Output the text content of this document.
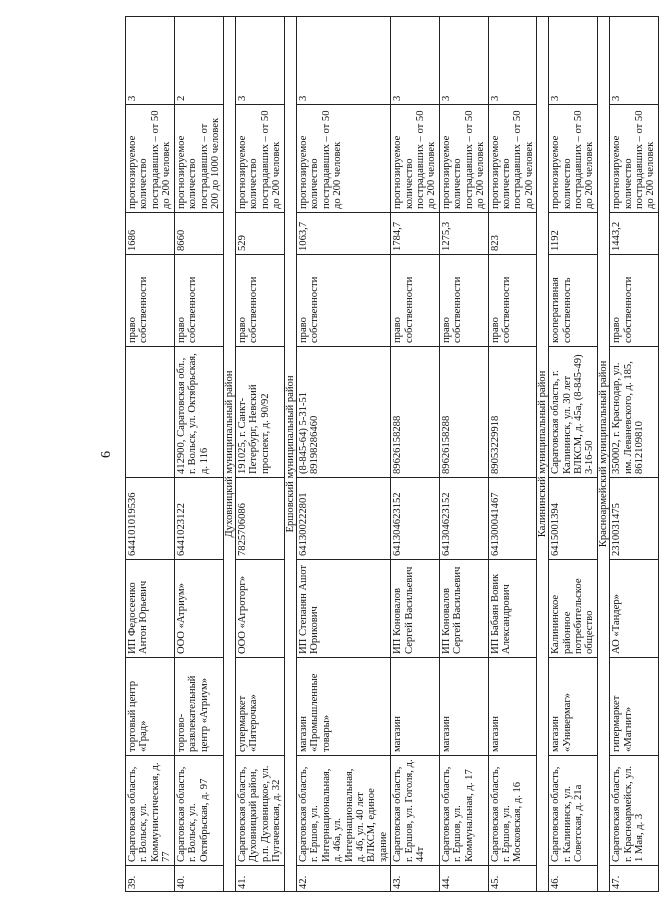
6
39.	Саратовская область, г. Вольск, ул. Коммунистическая, д. 77	торговый центр «Град»	ИП Федосеенко Антон Юрьевич	644101019536		право собственности	1686	прогнозируемое количество пострадавших – от 50 до 200 человек	3
40.	Саратовская область, г. Вольск, ул. Октябрьская, д. 97	торгово-развлекательный центр «Атриум»	ООО «Атриум»	6441023122	412900, Саратовская обл., г. Вольск, ул. Октябрьская, д. 116	право собственности	8660	прогнозируемое количество пострадавших – от 200 до 1000 человек	2
Духовницкий муниципальный район									
41.	Саратовская область, Духовницкий район, р.п. Духовницкое, ул. Пугачевская, д. 32	супермаркет «Пятерочка»	ООО «Агроторг»	7825706086	191025, г. Санкт-Петербург, Невский проспект, д. 90/92	право собственности	529	прогнозируемое количество пострадавших – от 50 до 200 человек	3
Ершовский муниципальный район									
42.	Саратовская область, г. Ершов, ул. Интернациональная, д. 46а, ул. Интернациональная, д. 46, ул. 40 лет ВЛКСМ, единое здание	магазин «Промышленные товары»	ИП Степанян Ашот Юрикович	641300222801	(8-845-64) 5-31-51 89198286460	право собственности	1063,7	прогнозируемое количество пострадавших – от 50 до 200 человек	3
43.	Саратовская область, г. Ершов, ул. Гоголя, д. 44т	магазин	ИП Коновалов Сергей Васильевич	641304623152	89626158288	право собственности	1784,7	прогнозируемое количество пострадавших – от 50 до 200 человек	3
44.	Саратовская область, г. Ершов, ул. Коммунальная, д. 17	магазин	ИП Коновалов Сергей Васильевич	641304623152	89626158288	право собственности	1275,3	прогнозируемое количество пострадавших – от 50 до 200 человек	3
45.	Саратовская область, г. Ершов, ул. Московская, д. 16	магазин	ИП Бабаян Вовик Александрович	641300041467	89053229918	право собственности	823	прогнозируемое количество пострадавших – от 50 до 200 человек	3
Калининский муниципальный район									
46.	Саратовская область, г. Калининск, ул. Советская, д. 21а	магазин «Универмаг»	Калининское районное потребительское общество	6415001394	Саратовская область, г. Калининск, ул. 30 лет ВЛКСМ, д. 45а, (8-845-49) 3-16-50	кооперативная собственность	1192	прогнозируемое количество пострадавших – от 50 до 200 человек	3
Красноармейский муниципальный район									
47.	Саратовская область, г. Красноармейск, ул. 1 Мая, д. 3	гипермаркет «Магнит»	АО «Тандер»	2310031475	350002, г. Краснодар, ул. им. Леваневского, д. 185, 8612109810	право собственности	1443,2	прогнозируемое количество пострадавших – от 50 до 200 человек	3
